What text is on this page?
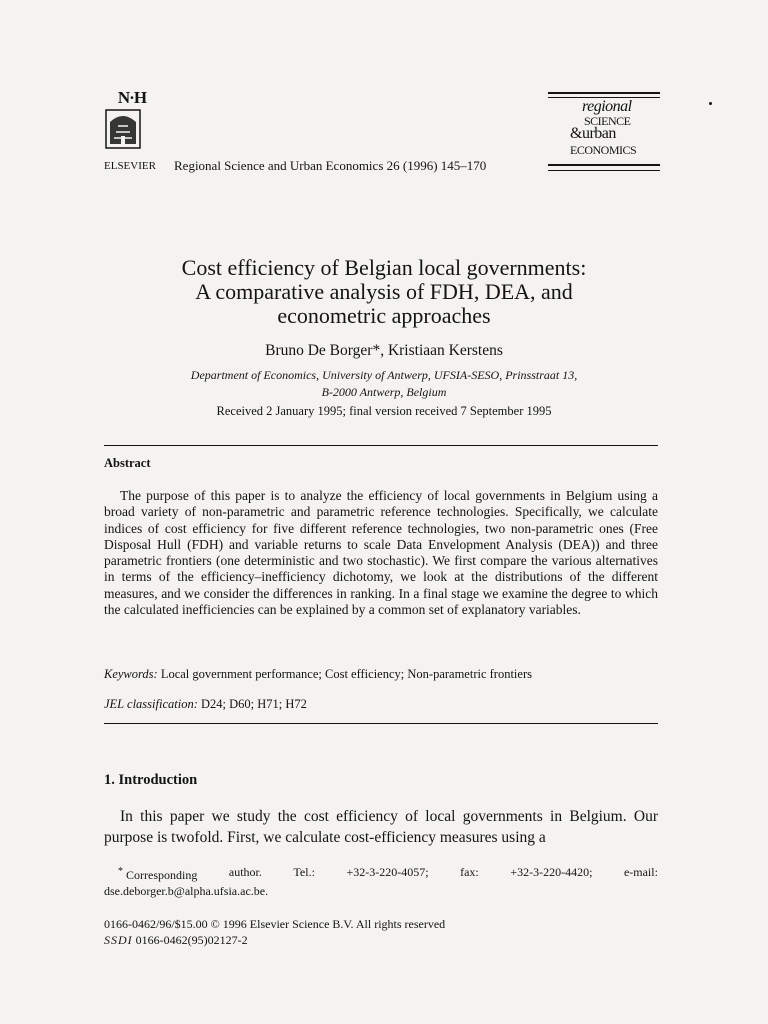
N·H
ELSEVIER Regional Science and Urban Economics 26 (1996) 145–170
regional
SCIENCE
&urban
ECONOMICS
Cost efficiency of Belgian local governments:
A comparative analysis of FDH, DEA, and
econometric approaches
Bruno De Borger*, Kristiaan Kerstens
Department of Economics, University of Antwerp, UFSIA-SESO, Prinsstraat 13,
B-2000 Antwerp, Belgium
Received 2 January 1995; final version received 7 September 1995
Abstract
The purpose of this paper is to analyze the efficiency of local governments in Belgium using a broad variety of non-parametric and parametric reference technologies. Specifically, we calculate indices of cost efficiency for five different reference technologies, two non-parametric ones (Free Disposal Hull (FDH) and variable returns to scale Data Envelopment Analysis (DEA)) and three parametric frontiers (one deterministic and two stochastic). We first compare the various alternatives in terms of the efficiency–inefficiency dichotomy, we look at the distributions of the different measures, and we consider the differences in ranking. In a final stage we examine the degree to which the calculated inefficiencies can be explained by a common set of explanatory variables.
Keywords: Local government performance; Cost efficiency; Non-parametric frontiers
JEL classification: D24; D60; H71; H72
1. Introduction
In this paper we study the cost efficiency of local governments in Belgium. Our purpose is twofold. First, we calculate cost-efficiency measures using a
* Corresponding	author.	Tel.:	+32-3-220-4057;	fax:	+32-3-220-4420;	e-mail:
dse.deborger.b@alpha.ufsia.ac.be.
0166-0462/96/$15.00 © 1996 Elsevier Science B.V. All rights reserved
SSDI 0166-0462(95)02127-2
